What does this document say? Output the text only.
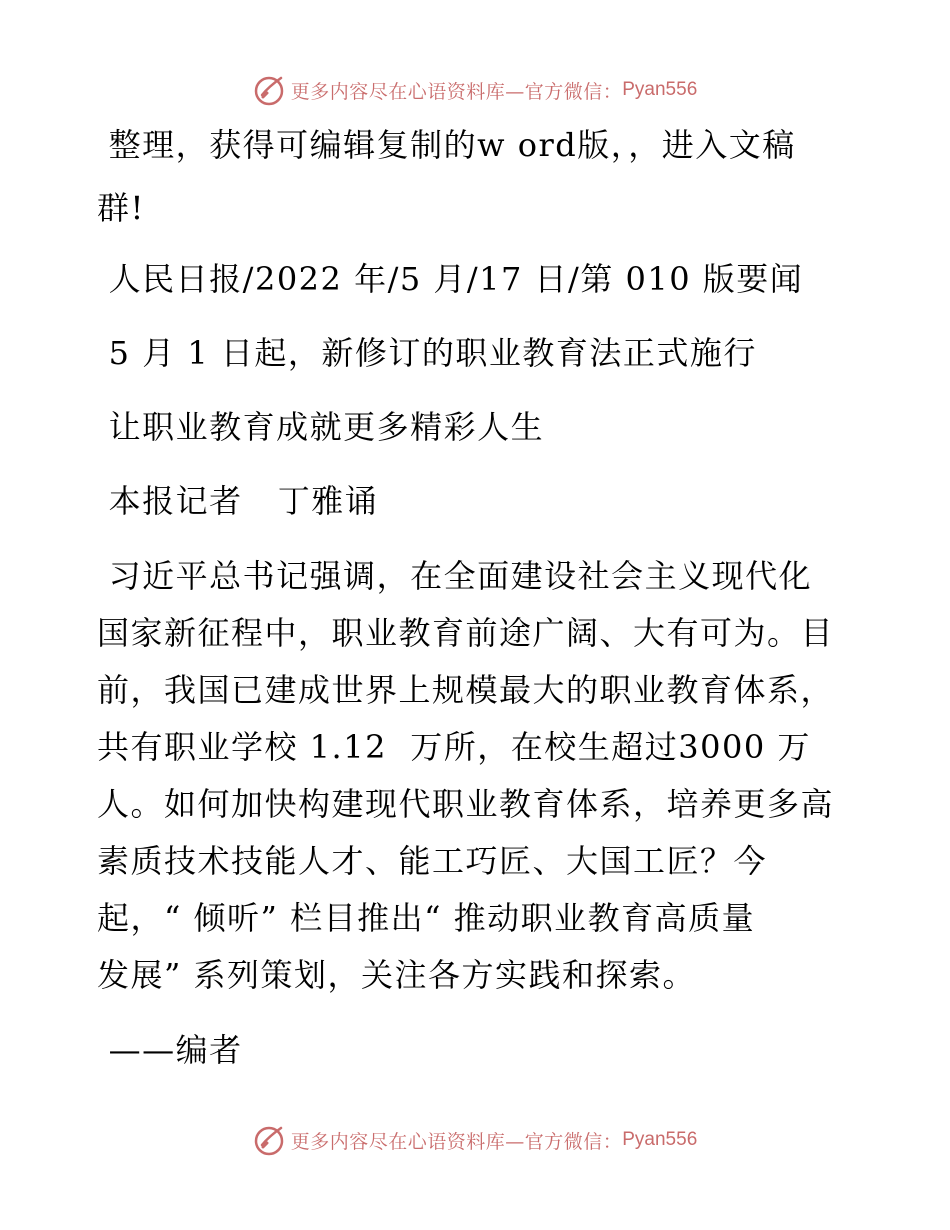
更多内容尽在心语资料库—官方微信： Pyan556
整理，获得可编辑复制的w ord版，，进入文稿
群!
人民日报/2022 年/5 月/17 日/第 010 版要闻
5 月 1 日起，新修订的职业教育法正式施行
让职业教育成就更多精彩人生
本报记者   丁雅诵
习近平总书记强调，在全面建设社会主义现代化
国家新征程中，职业教育前途广阔、大有可为。目
前，我国已建成世界上规模最大的职业教育体系，
共有职业学校 1.12  万所，在校生超过3000 万
人。如何加快构建现代职业教育体系，培养更多高
素质技术技能人才、能工巧匠、大国工匠？今
起，“ 倾听” 栏目推出“ 推动职业教育高质量
发展” 系列策划，关注各方实践和探索。
——编者
更多内容尽在心语资料库—官方微信： Pyan556
